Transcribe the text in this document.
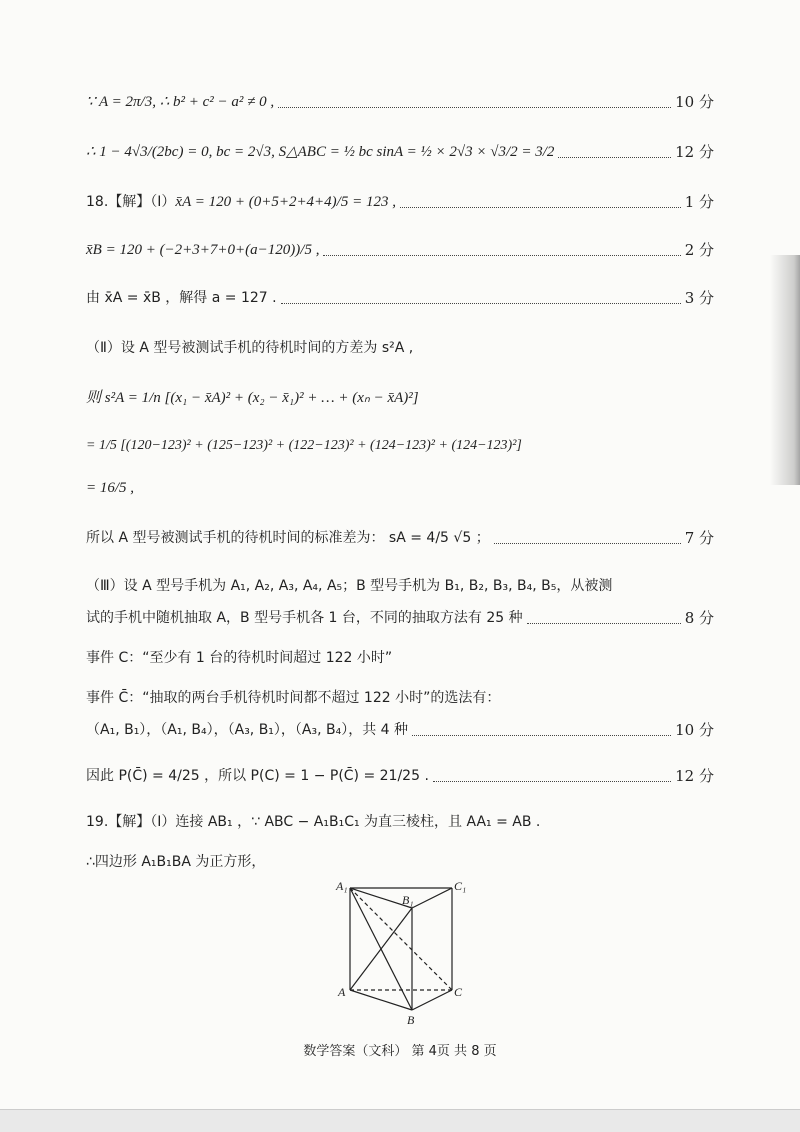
∵ A = 2π/3, ∴ b² + c² − a² ≠ 0 ,	10 分
∴ 1 − 4√3/(2bc) = 0, bc = 2√3, S△ABC = ½ bc sinA = ½ × 2√3 × √3/2 = 3/2	12 分
18.【解】（Ⅰ） x̄A = 120 + (0+5+2+4+4)/5 = 123 ,	1 分
x̄B = 120 + (−2+3+7+0+(a−120))/5 ,	2 分
由 x̄A = x̄B ，解得 a = 127 .	3 分
（Ⅱ）设 A 型号被测试手机的待机时间的方差为 s²A ,
则 s²A = 1/n [(x₁ − x̄A)² + (x₂ − x̄₁)² + … + (xₙ − x̄A)²]
= 1/5 [(120−123)² + (125−123)² + (122−123)² + (124−123)² + (124−123)²]
= 16/5 ,
所以 A 型号被测试手机的待机时间的标准差为： sA = 4/5 √5 ；	7 分
（Ⅲ）设 A 型号手机为 A₁, A₂, A₃, A₄, A₅；B 型号手机为 B₁, B₂, B₃, B₄, B₅，从被测
试的手机中随机抽取 A，B 型号手机各 1 台，不同的抽取方法有 25 种	8 分
事件 C：“至少有 1 台的待机时间超过 122 小时”
事件 C̄：“抽取的两台手机待机时间都不超过 122 小时”的选法有：
（A₁, B₁），（A₁, B₄），（A₃, B₁），（A₃, B₄），共 4 种	10 分
因此 P(C̄) = 4/25 ，所以 P(C) = 1 − P(C̄) = 21/25 .	12 分
19.【解】（Ⅰ）连接 AB₁ ，∵ ABC − A₁B₁C₁ 为直三棱柱，且 AA₁ = AB .
∴四边形 A₁B₁BA 为正方形，
A₁
B₁
C₁
A
B
C
数学答案（文科） 第 4页 共 8 页
